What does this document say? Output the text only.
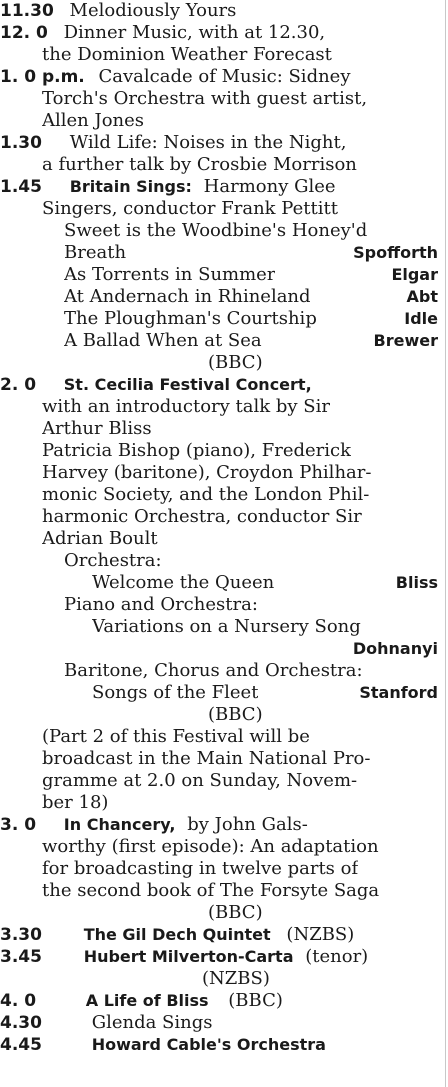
11.30 Melodiously Yours
12. 0 Dinner Music, with at 12.30,
the Dominion Weather Forecast
1. 0 p.m. Cavalcade of Music: Sidney
Torch's Orchestra with guest artist,
Allen Jones
1.30 Wild Life: Noises in the Night,
a further talk by Crosbie Morrison
1.45 Britain Sings: Harmony Glee
Singers, conductor Frank Pettitt
Sweet is the Woodbine's Honey'd
Breath	Spofforth
As Torrents in Summer	Elgar
At Andernach in Rhineland	Abt
The Ploughman's Courtship	Idle
A Ballad When at Sea	Brewer
(BBC)
2. 0 St. Cecilia Festival Concert,
with an introductory talk by Sir
Arthur Bliss
Patricia Bishop (piano), Frederick
Harvey (baritone), Croydon Philhar-
monic Society, and the London Phil-
harmonic Orchestra, conductor Sir
Adrian Boult
Orchestra:
Welcome the Queen	Bliss
Piano and Orchestra:
Variations on a Nursery Song
Dohnanyi
Baritone, Chorus and Orchestra:
Songs of the Fleet	Stanford
(BBC)
(Part 2 of this Festival will be
broadcast in the Main National Pro-
gramme at 2.0 on Sunday, Novem-
ber 18)
3. 0 In Chancery, by John Gals-
worthy (first episode): An adaptation
for broadcasting in twelve parts of
the second book of The Forsyte Saga
(BBC)
3.30	The Gil Dech Quintet (NZBS)
3.45	Hubert Milverton-Carta (tenor)
(NZBS)
4. 0	A Life of Bliss (BBC)
4.30	Glenda Sings
4.45	Howard Cable's Orchestra
